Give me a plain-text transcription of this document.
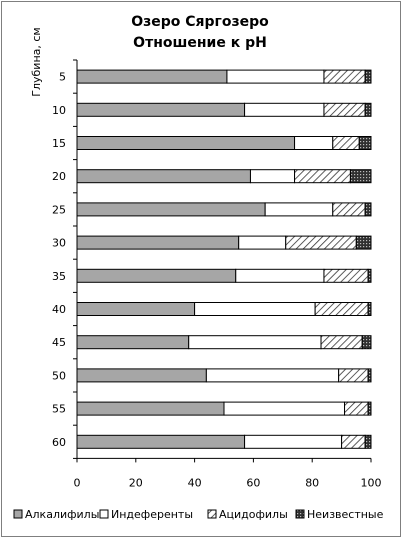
Озеро Сяргозеро
Отношение к рН
Глубина, см 5
10
15
20
25
30
35
40
45
50
55
60
0	20	40	60	80	100
Алкалифилы Индеференты Ацидофилы Неизвестные
